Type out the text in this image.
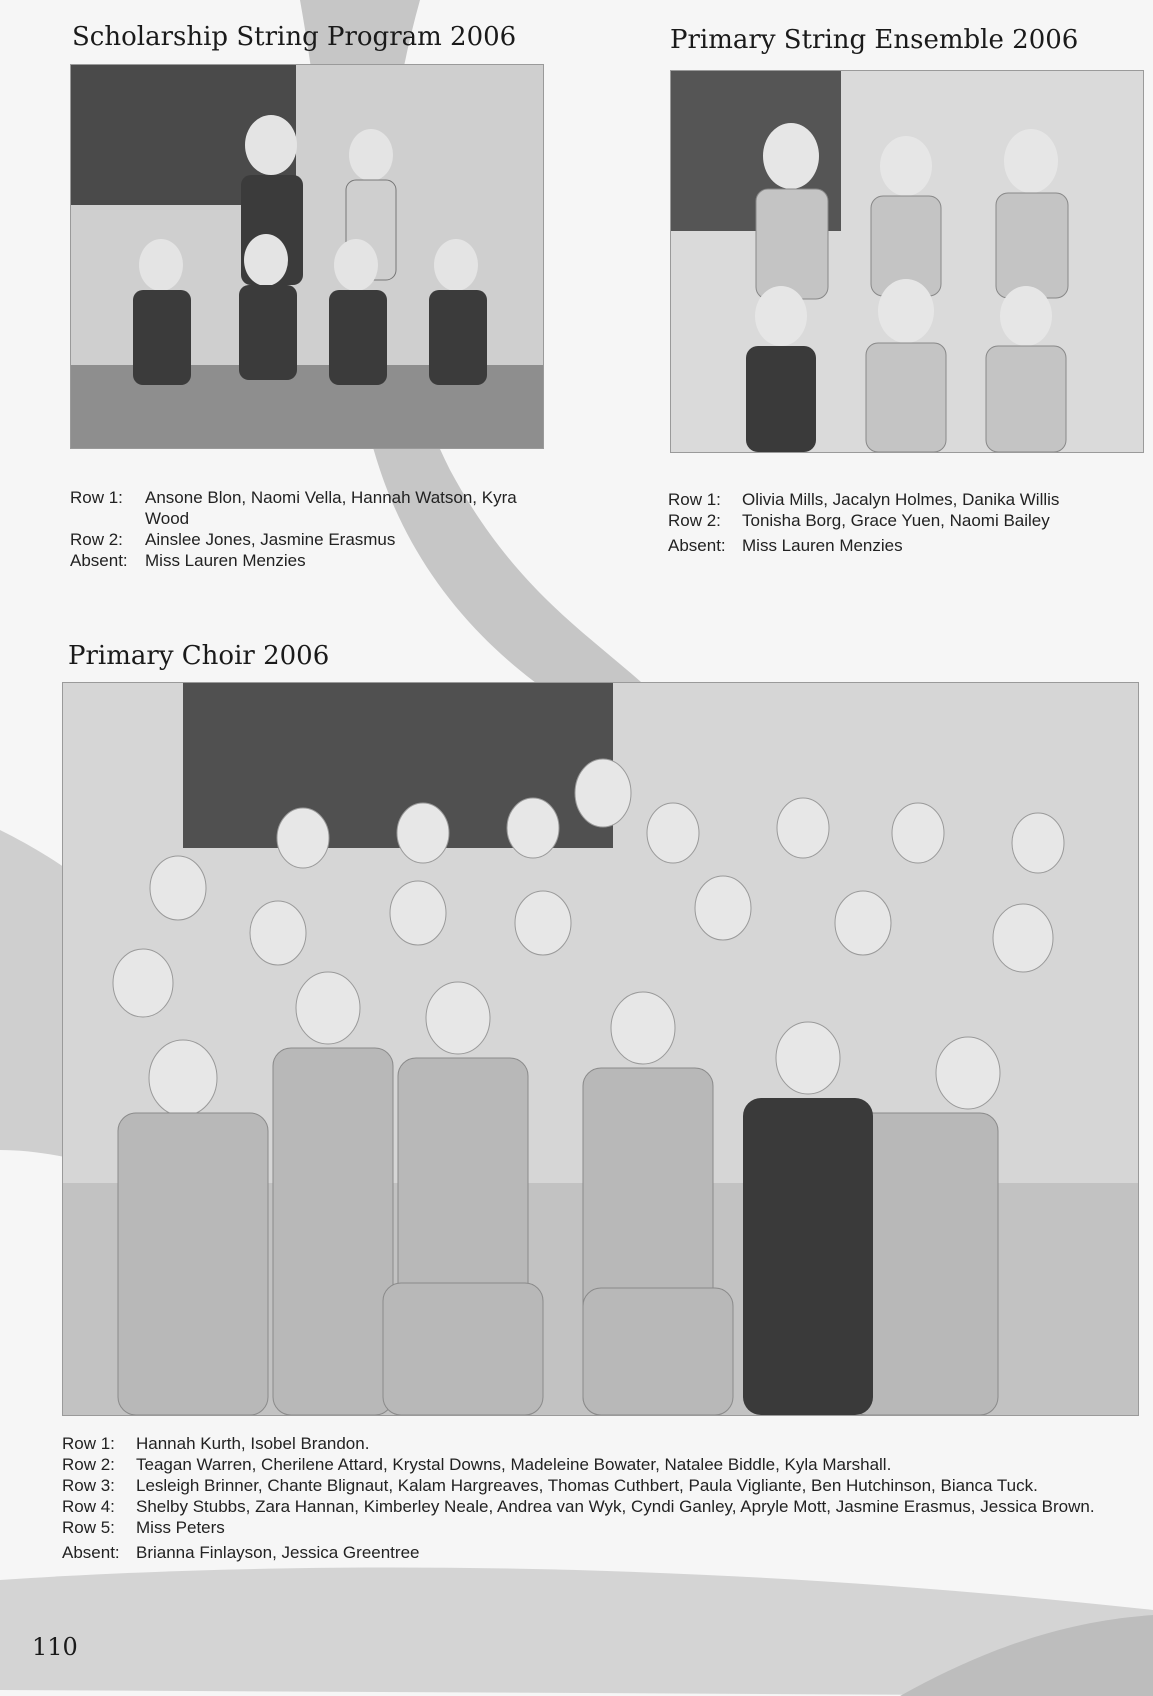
Scholarship String Program 2006
Row 1:	Ansone Blon, Naomi Vella, Hannah Watson, Kyra Wood
Row 2:	Ainslee Jones, Jasmine Erasmus
Absent:	Miss Lauren Menzies
Primary String Ensemble 2006
Row 1:	Olivia Mills, Jacalyn Holmes, Danika Willis
Row 2:	Tonisha Borg, Grace Yuen, Naomi Bailey
Absent: Miss Lauren Menzies
Primary Choir 2006
Row 1:	Hannah Kurth, Isobel Brandon.
Row 2:	Teagan Warren, Cherilene Attard, Krystal Downs, Madeleine Bowater, Natalee Biddle, Kyla Marshall.
Row 3:	Lesleigh Brinner, Chante Blignaut, Kalam Hargreaves, Thomas Cuthbert, Paula Vigliante, Ben Hutchinson, Bianca Tuck.
Row 4:	Shelby Stubbs, Zara Hannan, Kimberley Neale, Andrea van Wyk, Cyndi Ganley, Apryle Mott, Jasmine Erasmus, Jessica Brown.
Row 5:	Miss Peters
Absent: Brianna Finlayson, Jessica Greentree

110
